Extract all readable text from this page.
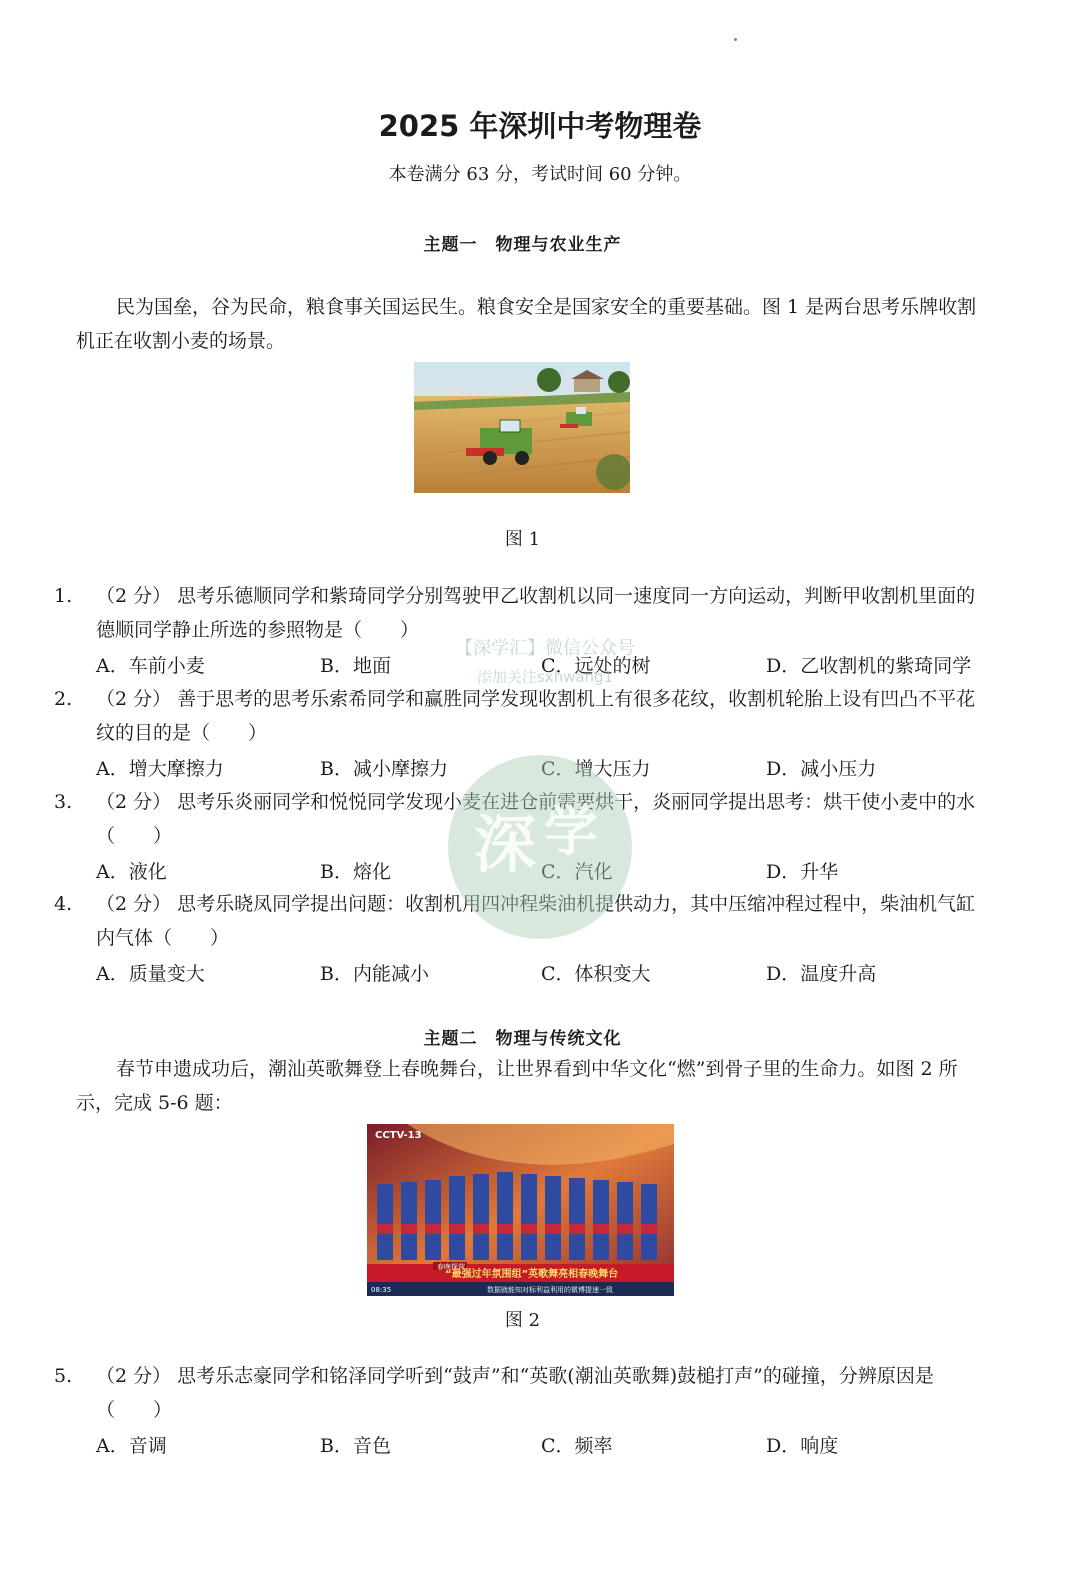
2025 年深圳中考物理卷
本卷满分 63 分，考试时间 60 分钟。
主题一　物理与农业生产
民为国垒，谷为民命，粮食事关国运民生。粮食安全是国家安全的重要基础。图 1 是两台思考乐牌收割机正在收割小麦的场景。
图 1
1. （2 分） 思考乐德顺同学和紫琦同学分别驾驶甲乙收割机以同一速度同一方向运动，判断甲收割机里面的德顺同学静止所选的参照物是（　　）
A．车前小麦	B．地面	C．远处的树	D．乙收割机的紫琦同学
2. （2 分） 善于思考的思考乐索希同学和赢胜同学发现收割机上有很多花纹，收割机轮胎上设有凹凸不平花纹的目的是（　　）
A．增大摩擦力	B．减小摩擦力	C．增大压力	D．减小压力
3. （2 分） 思考乐炎丽同学和悦悦同学发现小麦在进仓前需要烘干，炎丽同学提出思考：烘干使小麦中的水（　　）
A．液化	B．熔化	C．汽化	D．升华
4. （2 分） 思考乐晓凤同学提出问题：收割机用四冲程柴油机提供动力，其中压缩冲程过程中，柴油机气缸内气体（　　）
A．质量变大	B．内能减小	C．体积变大	D．温度升高
主题二　物理与传统文化
春节申遗成功后，潮汕英歌舞登上春晚舞台，让世界看到中华文化“燃”到骨子里的生命力。如图 2 所示，完成 5-6 题：
CCTV-13
春晚探营
“最强过年氛围组”英歌舞亮相春晚舞台
08:35	数据就能知对标利益利用的微博提速一致
图 2
5. （2 分） 思考乐志豪同学和铭泽同学听到“鼓声”和“英歌(潮汕英歌舞)鼓槌打声”的碰撞，分辨原因是（　　）
A．音调	B．音色	C．频率	D．响度
【深学汇】微信公众号
添加关注sxhwang1
深 学
